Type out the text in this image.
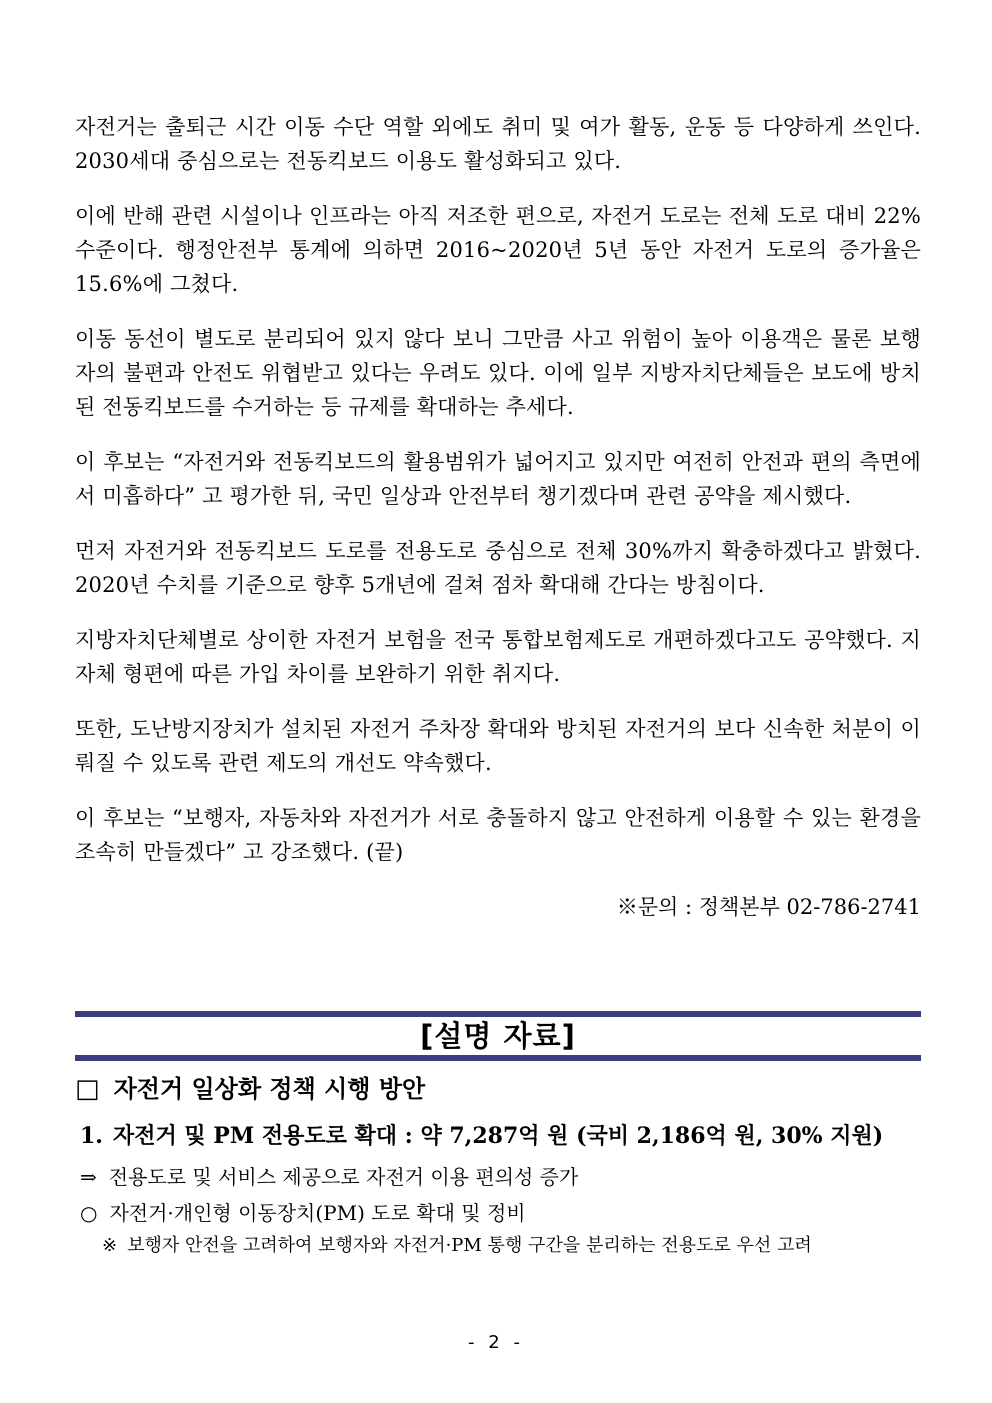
자전거는 출퇴근 시간 이동 수단 역할 외에도 취미 및 여가 활동, 운동 등 다양하게 쓰인다. 2030세대 중심으로는 전동킥보드 이용도 활성화되고 있다.

이에 반해 관련 시설이나 인프라는 아직 저조한 편으로, 자전거 도로는 전체 도로 대비 22% 수준이다. 행정안전부 통계에 의하면 2016~2020년 5년 동안 자전거 도로의 증가율은 15.6%에 그쳤다.

이동 동선이 별도로 분리되어 있지 않다 보니 그만큼 사고 위험이 높아 이용객은 물론 보행자의 불편과 안전도 위협받고 있다는 우려도 있다. 이에 일부 지방자치단체들은 보도에 방치된 전동킥보드를 수거하는 등 규제를 확대하는 추세다.

이 후보는 “자전거와 전동킥보드의 활용범위가 넓어지고 있지만 여전히 안전과 편의 측면에서 미흡하다” 고 평가한 뒤, 국민 일상과 안전부터 챙기겠다며 관련 공약을 제시했다.

먼저 자전거와 전동킥보드 도로를 전용도로 중심으로 전체 30%까지 확충하겠다고 밝혔다. 2020년 수치를 기준으로 향후 5개년에 걸쳐 점차 확대해 간다는 방침이다.

지방자치단체별로 상이한 자전거 보험을 전국 통합보험제도로 개편하겠다고도 공약했다. 지자체 형편에 따른 가입 차이를 보완하기 위한 취지다.

또한, 도난방지장치가 설치된 자전거 주차장 확대와 방치된 자전거의 보다 신속한 처분이 이뤄질 수 있도록 관련 제도의 개선도 약속했다.

이 후보는 “보행자, 자동차와 자전거가 서로 충돌하지 않고 안전하게 이용할 수 있는 환경을 조속히 만들겠다” 고 강조했다. (끝)

※문의 : 정책본부 02-786-2741

[설명 자료]
□ 자전거 일상화 정책 시행 방안
1. 자전거 및 PM 전용도로 확대 : 약 7,287억 원 (국비 2,186억 원, 30% 지원)
⇒ 전용도로 및 서비스 제공으로 자전거 이용 편의성 증가
○ 자전거·개인형 이동장치(PM) 도로 확대 및 정비
※ 보행자 안전을 고려하여 보행자와 자전거·PM 통행 구간을 분리하는 전용도로 우선 고려
- 2 -
